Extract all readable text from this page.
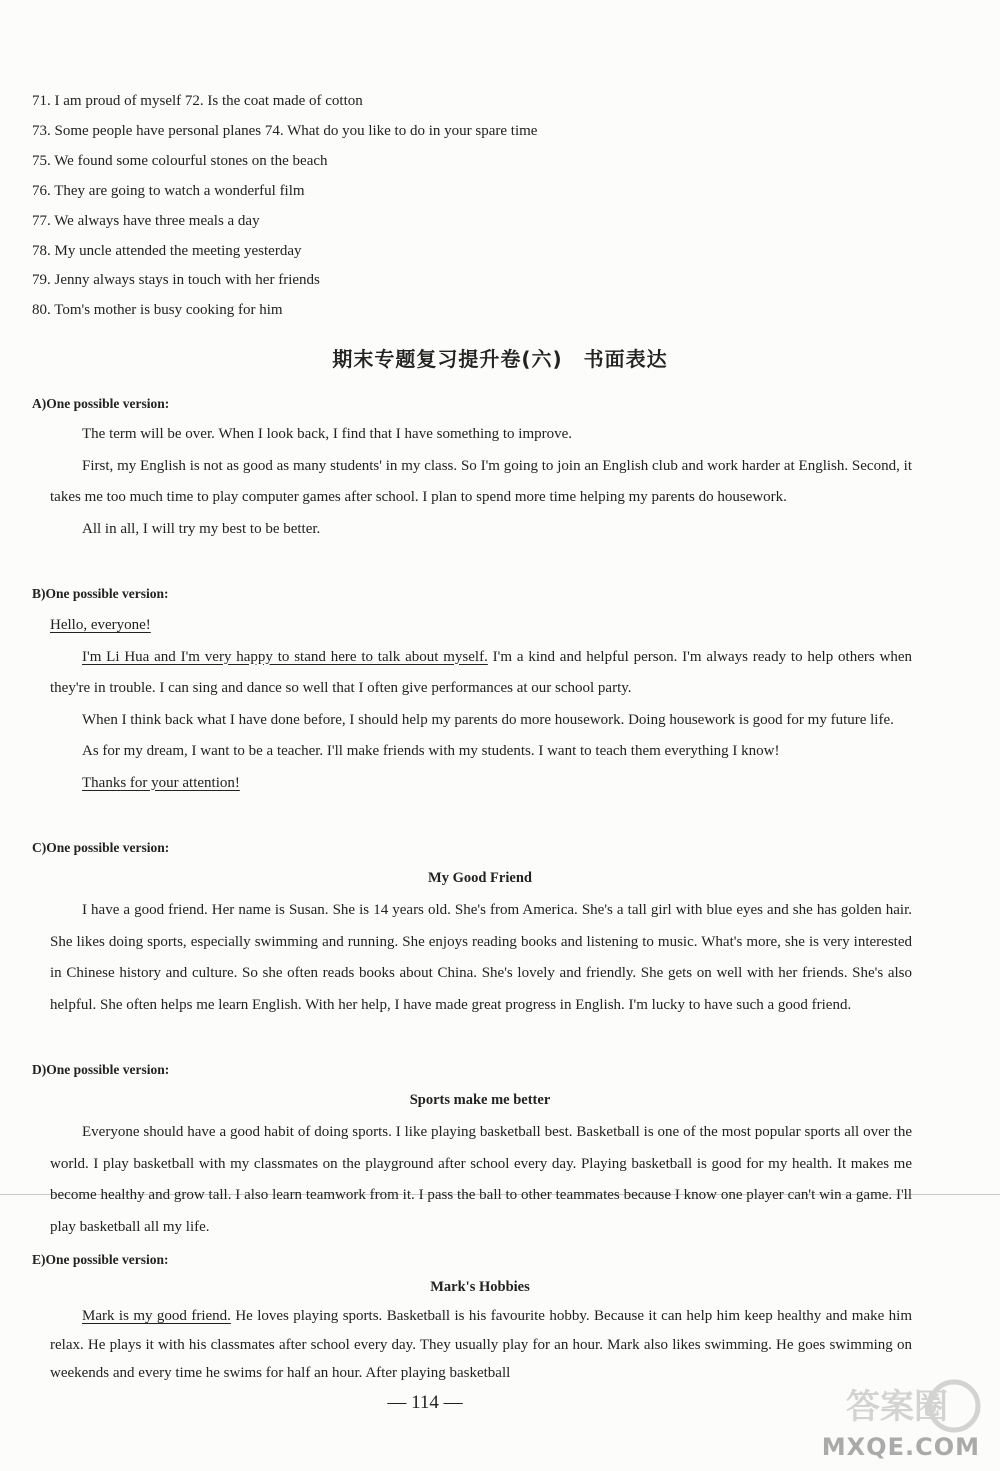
71. I am proud of myself 72. Is the coat made of cotton
73. Some people have personal planes 74. What do you like to do in your spare time
75. We found some colourful stones on the beach
76. They are going to watch a wonderful film
77. We always have three meals a day
78. My uncle attended the meeting yesterday
79. Jenny always stays in touch with her friends
80. Tom's mother is busy cooking for him
期末专题复习提升卷(六)　书面表达
A)One possible version:
The term will be over. When I look back, I find that I have something to improve.
First, my English is not as good as many students' in my class. So I'm going to join an English club and work harder at English. Second, it takes me too much time to play computer games after school. I plan to spend more time helping my parents do housework.
All in all, I will try my best to be better.
B)One possible version:
Hello, everyone!
I'm Li Hua and I'm very happy to stand here to talk about myself. I'm a kind and helpful person. I'm always ready to help others when they're in trouble. I can sing and dance so well that I often give performances at our school party.
When I think back what I have done before, I should help my parents do more housework. Doing housework is good for my future life.
As for my dream, I want to be a teacher. I'll make friends with my students. I want to teach them everything I know!
Thanks for your attention!
C)One possible version:
My Good Friend
I have a good friend. Her name is Susan. She is 14 years old. She's from America. She's a tall girl with blue eyes and she has golden hair. She likes doing sports, especially swimming and running. She enjoys reading books and listening to music. What's more, she is very interested in Chinese history and culture. So she often reads books about China. She's lovely and friendly. She gets on well with her friends. She's also helpful. She often helps me learn English. With her help, I have made great progress in English. I'm lucky to have such a good friend.
D)One possible version:
Sports make me better
Everyone should have a good habit of doing sports. I like playing basketball best. Basketball is one of the most popular sports all over the world. I play basketball with my classmates on the playground after school every day. Playing basketball is good for my health. It makes me become healthy and grow tall. I also learn teamwork from it. I pass the ball to other teammates because I know one player can't win a game. I'll play basketball all my life.
E)One possible version:
Mark's Hobbies
Mark is my good friend. He loves playing sports. Basketball is his favourite hobby. Because it can help him keep healthy and make him relax. He plays it with his classmates after school every day. They usually play for an hour. Mark also likes swimming. He goes swimming on weekends and every time he swims for half an hour. After playing basketball
— 114 —	答案圈
MXQE.COM
